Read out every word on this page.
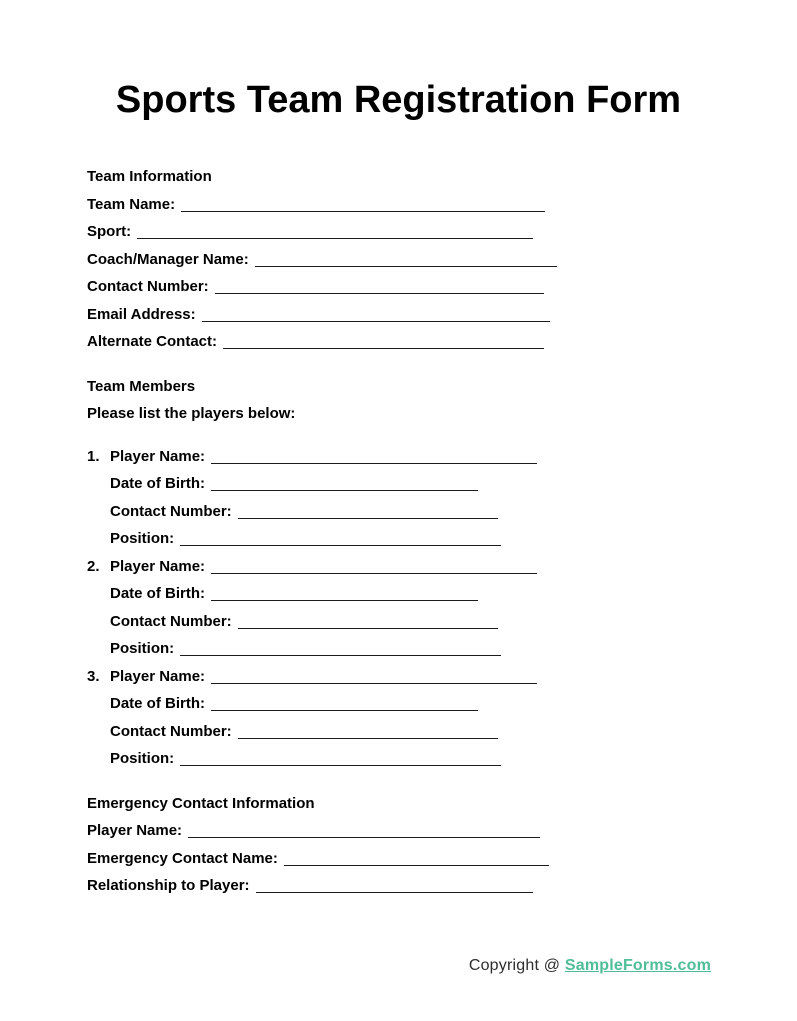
Sports Team Registration Form
Team Information
Team Name:
Sport:
Coach/Manager Name:
Contact Number:
Email Address:
Alternate Contact:
Team Members
Please list the players below:
1. Player Name:
Date of Birth:
Contact Number:
Position:
2. Player Name:
Date of Birth:
Contact Number:
Position:
3. Player Name:
Date of Birth:
Contact Number:
Position:
Emergency Contact Information
Player Name:
Emergency Contact Name:
Relationship to Player:
Copyright @ SampleForms.com
